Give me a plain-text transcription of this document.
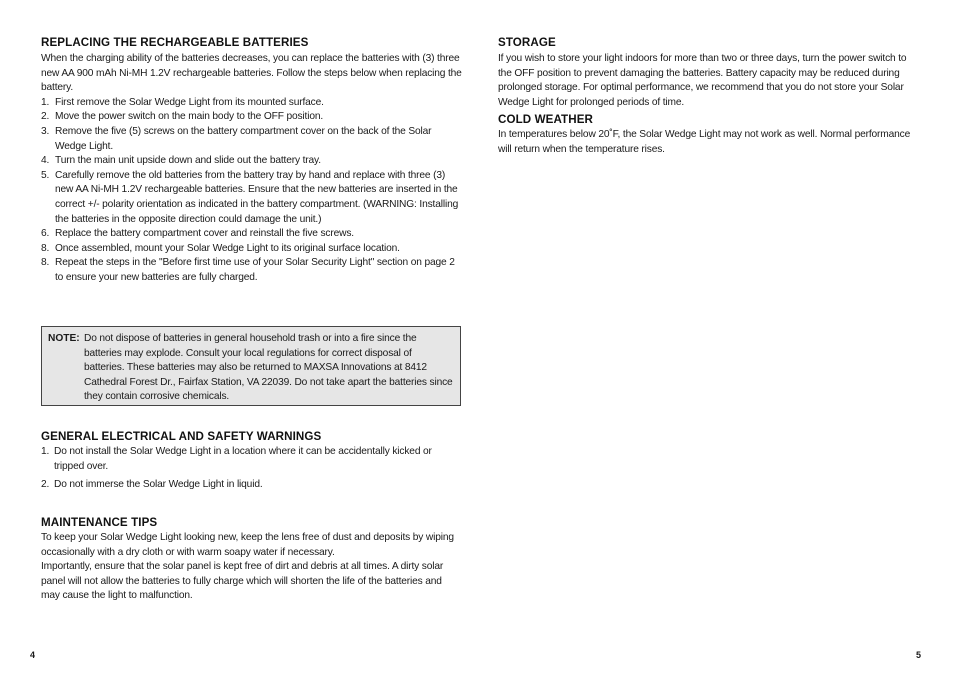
REPLACING THE RECHARGEABLE BATTERIES

When the charging ability of the batteries decreases, you can replace the batteries with (3) three new AA 900 mAh Ni-MH 1.2V rechargeable batteries. Follow the steps below when replacing the battery.

1. First remove the Solar Wedge Light from its mounted surface.
2. Move the power switch on the main body to the OFF position.
3. Remove the five (5) screws on the battery compartment cover on the back of the Solar Wedge Light.
4. Turn the main unit upside down and slide out the battery tray.
5. Carefully remove the old batteries from the battery tray by hand and replace with three (3) new AA Ni-MH 1.2V rechargeable batteries. Ensure that the new batteries are inserted in the correct +/- polarity orientation as indicated in the battery compartment. (WARNING: Installing the batteries in the opposite direction could damage the unit.)
6. Replace the battery compartment cover and reinstall the five screws.
8. Once assembled, mount your Solar Wedge Light to its original surface location.
8. Repeat the steps in the "Before first time use of your Solar Security Light" section on page 2 to ensure your new batteries are fully charged.
NOTE: Do not dispose of batteries in general household trash or into a fire since the batteries may explode. Consult your local regulations for correct disposal of batteries. These batteries may also be returned to MAXSA Innovations at 8412 Cathedral Forest Dr., Fairfax Station, VA 22039. Do not take apart the batteries since they contain corrosive chemicals.
GENERAL ELECTRICAL AND SAFETY WARNINGS
1. Do not install the Solar Wedge Light in a location where it can be accidentally kicked or tripped over.
2. Do not immerse the Solar Wedge Light in liquid.
MAINTENANCE TIPS

To keep your Solar Wedge Light looking new, keep the lens free of dust and deposits by wiping occasionally with a dry cloth or with warm soapy water if necessary.

Importantly, ensure that the solar panel is kept free of dirt and debris at all times. A dirty solar panel will not allow the batteries to fully charge which will shorten the life of the batteries and may cause the light to malfunction.

4
STORAGE

If you wish to store your light indoors for more than two or three days, turn the power switch to the OFF position to prevent damaging the batteries. Battery capacity may be reduced during prolonged storage. For optimal performance, we recommend that you do not store your Solar Wedge Light for prolonged periods of time.

COLD WEATHER

In temperatures below 20˚F, the Solar Wedge Light may not work as well. Normal performance will return when the temperature rises.

5
